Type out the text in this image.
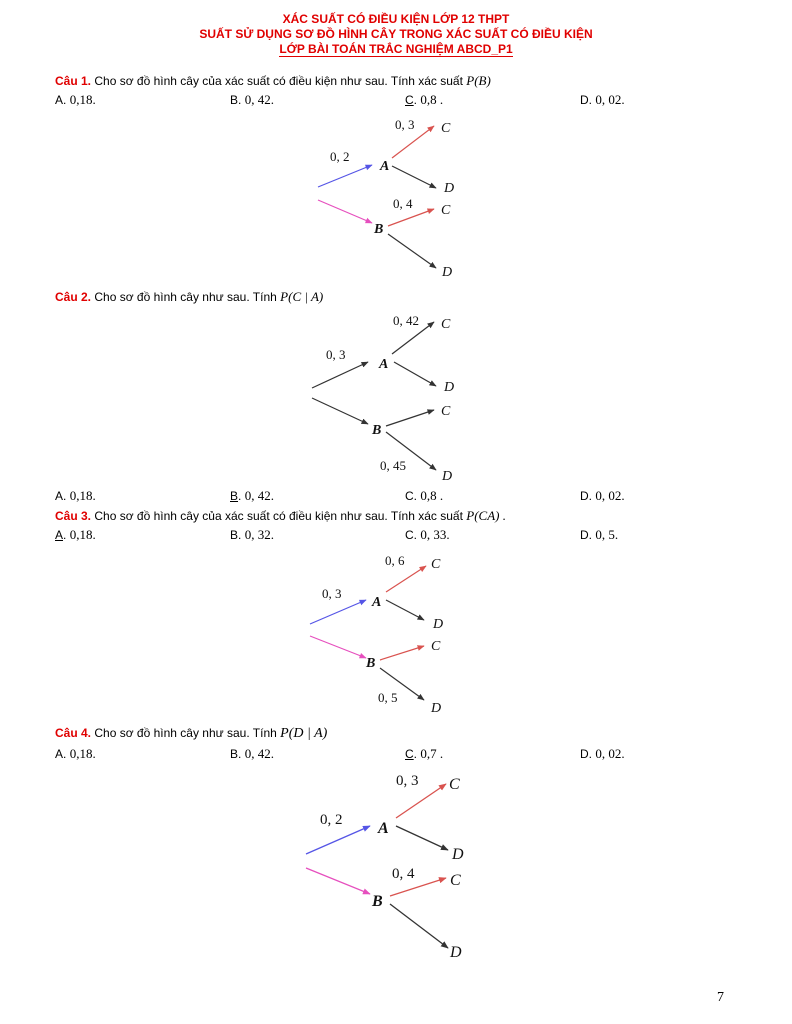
XÁC SUẤT CÓ ĐIỀU KIỆN LỚP 12 THPT
SUẤT SỬ DỤNG SƠ ĐỒ HÌNH CÂY TRONG XÁC SUẤT CÓ ĐIỀU KIỆN
LỚP BÀI TOÁN TRẮC NGHIỆM ABCD_P1
Câu 1. Cho sơ đồ hình cây của xác suất có điều kiện như sau. Tính xác suất P(B)
A. 0,18.	B. 0, 42.	C. 0,8 .	D. 0, 02.
0, 2
0, 3
0, 4
A
B
C
D
C
D
Câu 2. Cho sơ đồ hình cây như sau. Tính P(C | A)
0, 3
0, 42
0, 45
A
B
C
D
C
D
A. 0,18.	B. 0, 42.	C. 0,8 .	D. 0, 02.
Câu 3. Cho sơ đồ hình cây của xác suất có điều kiện như sau. Tính xác suất P(CA) .
A. 0,18.	B. 0, 32.	C. 0, 33.	D. 0, 5.
0, 3
0, 6
0, 5
A
B
C
D
C
D
Câu 4. Cho sơ đồ hình cây như sau. Tính P(D | A)
A. 0,18.	B. 0, 42.	C. 0,7 .	D. 0, 02.
0, 2
0, 3
0, 4
A
B
C
D
C
D
7
